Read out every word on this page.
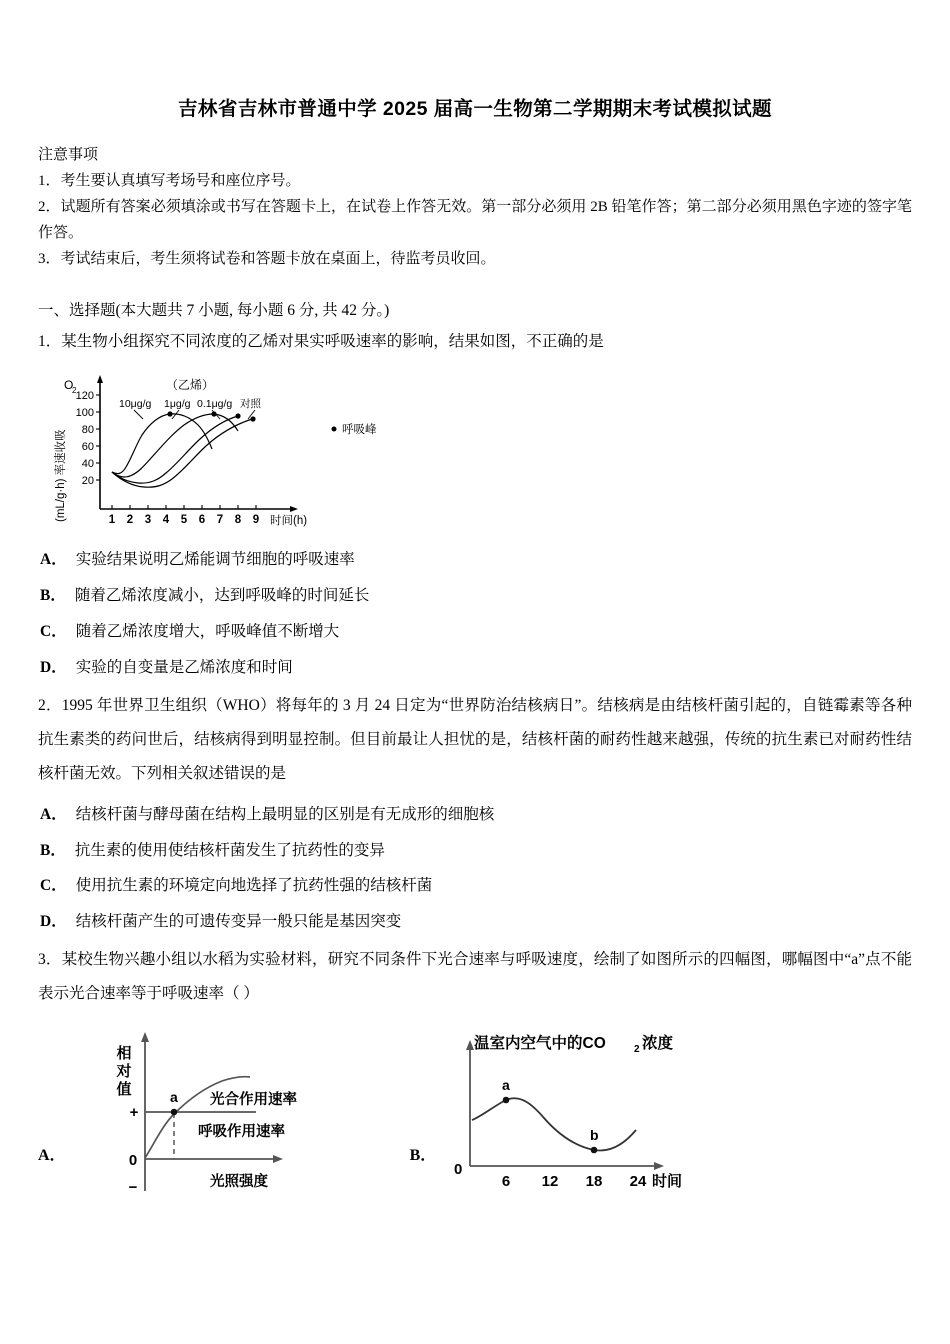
吉林省吉林市普通中学 2025 届高一生物第二学期期末考试模拟试题
注意事项
1．考生要认真填写考场号和座位序号。
2．试题所有答案必须填涂或书写在答题卡上，在试卷上作答无效。第一部分必须用 2B 铅笔作答；第二部分必须用黑色字迹的签字笔作答。
3．考试结束后，考生须将试卷和答题卡放在桌面上，待监考员收回。
一、选择题(本大题共 7 小题, 每小题 6 分, 共 42 分。)
1．某生物小组探究不同浓度的乙烯对果实呼吸速率的影响，结果如图，不正确的是
O
2
(mL/g·h) 率速收吸
120
100
80
60
40
20
1 2 3 4 5 6 7 8 9 时间(h)
（乙烯）
10μg/g 1μg/g 0.1μg/g 对照
呼吸峰
A． 实验结果说明乙烯能调节细胞的呼吸速率
B． 随着乙烯浓度减小，达到呼吸峰的时间延长
C． 随着乙烯浓度增大，呼吸峰值不断增大
D． 实验的自变量是乙烯浓度和时间
2．1995 年世界卫生组织（WHO）将每年的 3 月 24 日定为“世界防治结核病日”。结核病是由结核杆菌引起的，自链霉素等各种抗生素类的药问世后，结核病得到明显控制。但目前最让人担忧的是，结核杆菌的耐药性越来越强，传统的抗生素已对耐药性结核杆菌无效。下列相关叙述错误的是
A． 结核杆菌与酵母菌在结构上最明显的区别是有无成形的细胞核
B． 抗生素的使用使结核杆菌发生了抗药性的变异
C． 使用抗生素的环境定向地选择了抗药性强的结核杆菌
D． 结核杆菌产生的可遗传变异一般只能是基因突变
3．某校生物兴趣小组以水稻为实验材料，研究不同条件下光合速率与呼吸速度，绘制了如图所示的四幅图，哪幅图中“a”点不能表示光合速率等于呼吸速率（ ）
A．
相
对
值
+
0
−
a 光合作用速率
呼吸作用速率
光照强度
B．
温室内空气中的CO	2 浓度
0
6 12 18 24 时间
a
b
